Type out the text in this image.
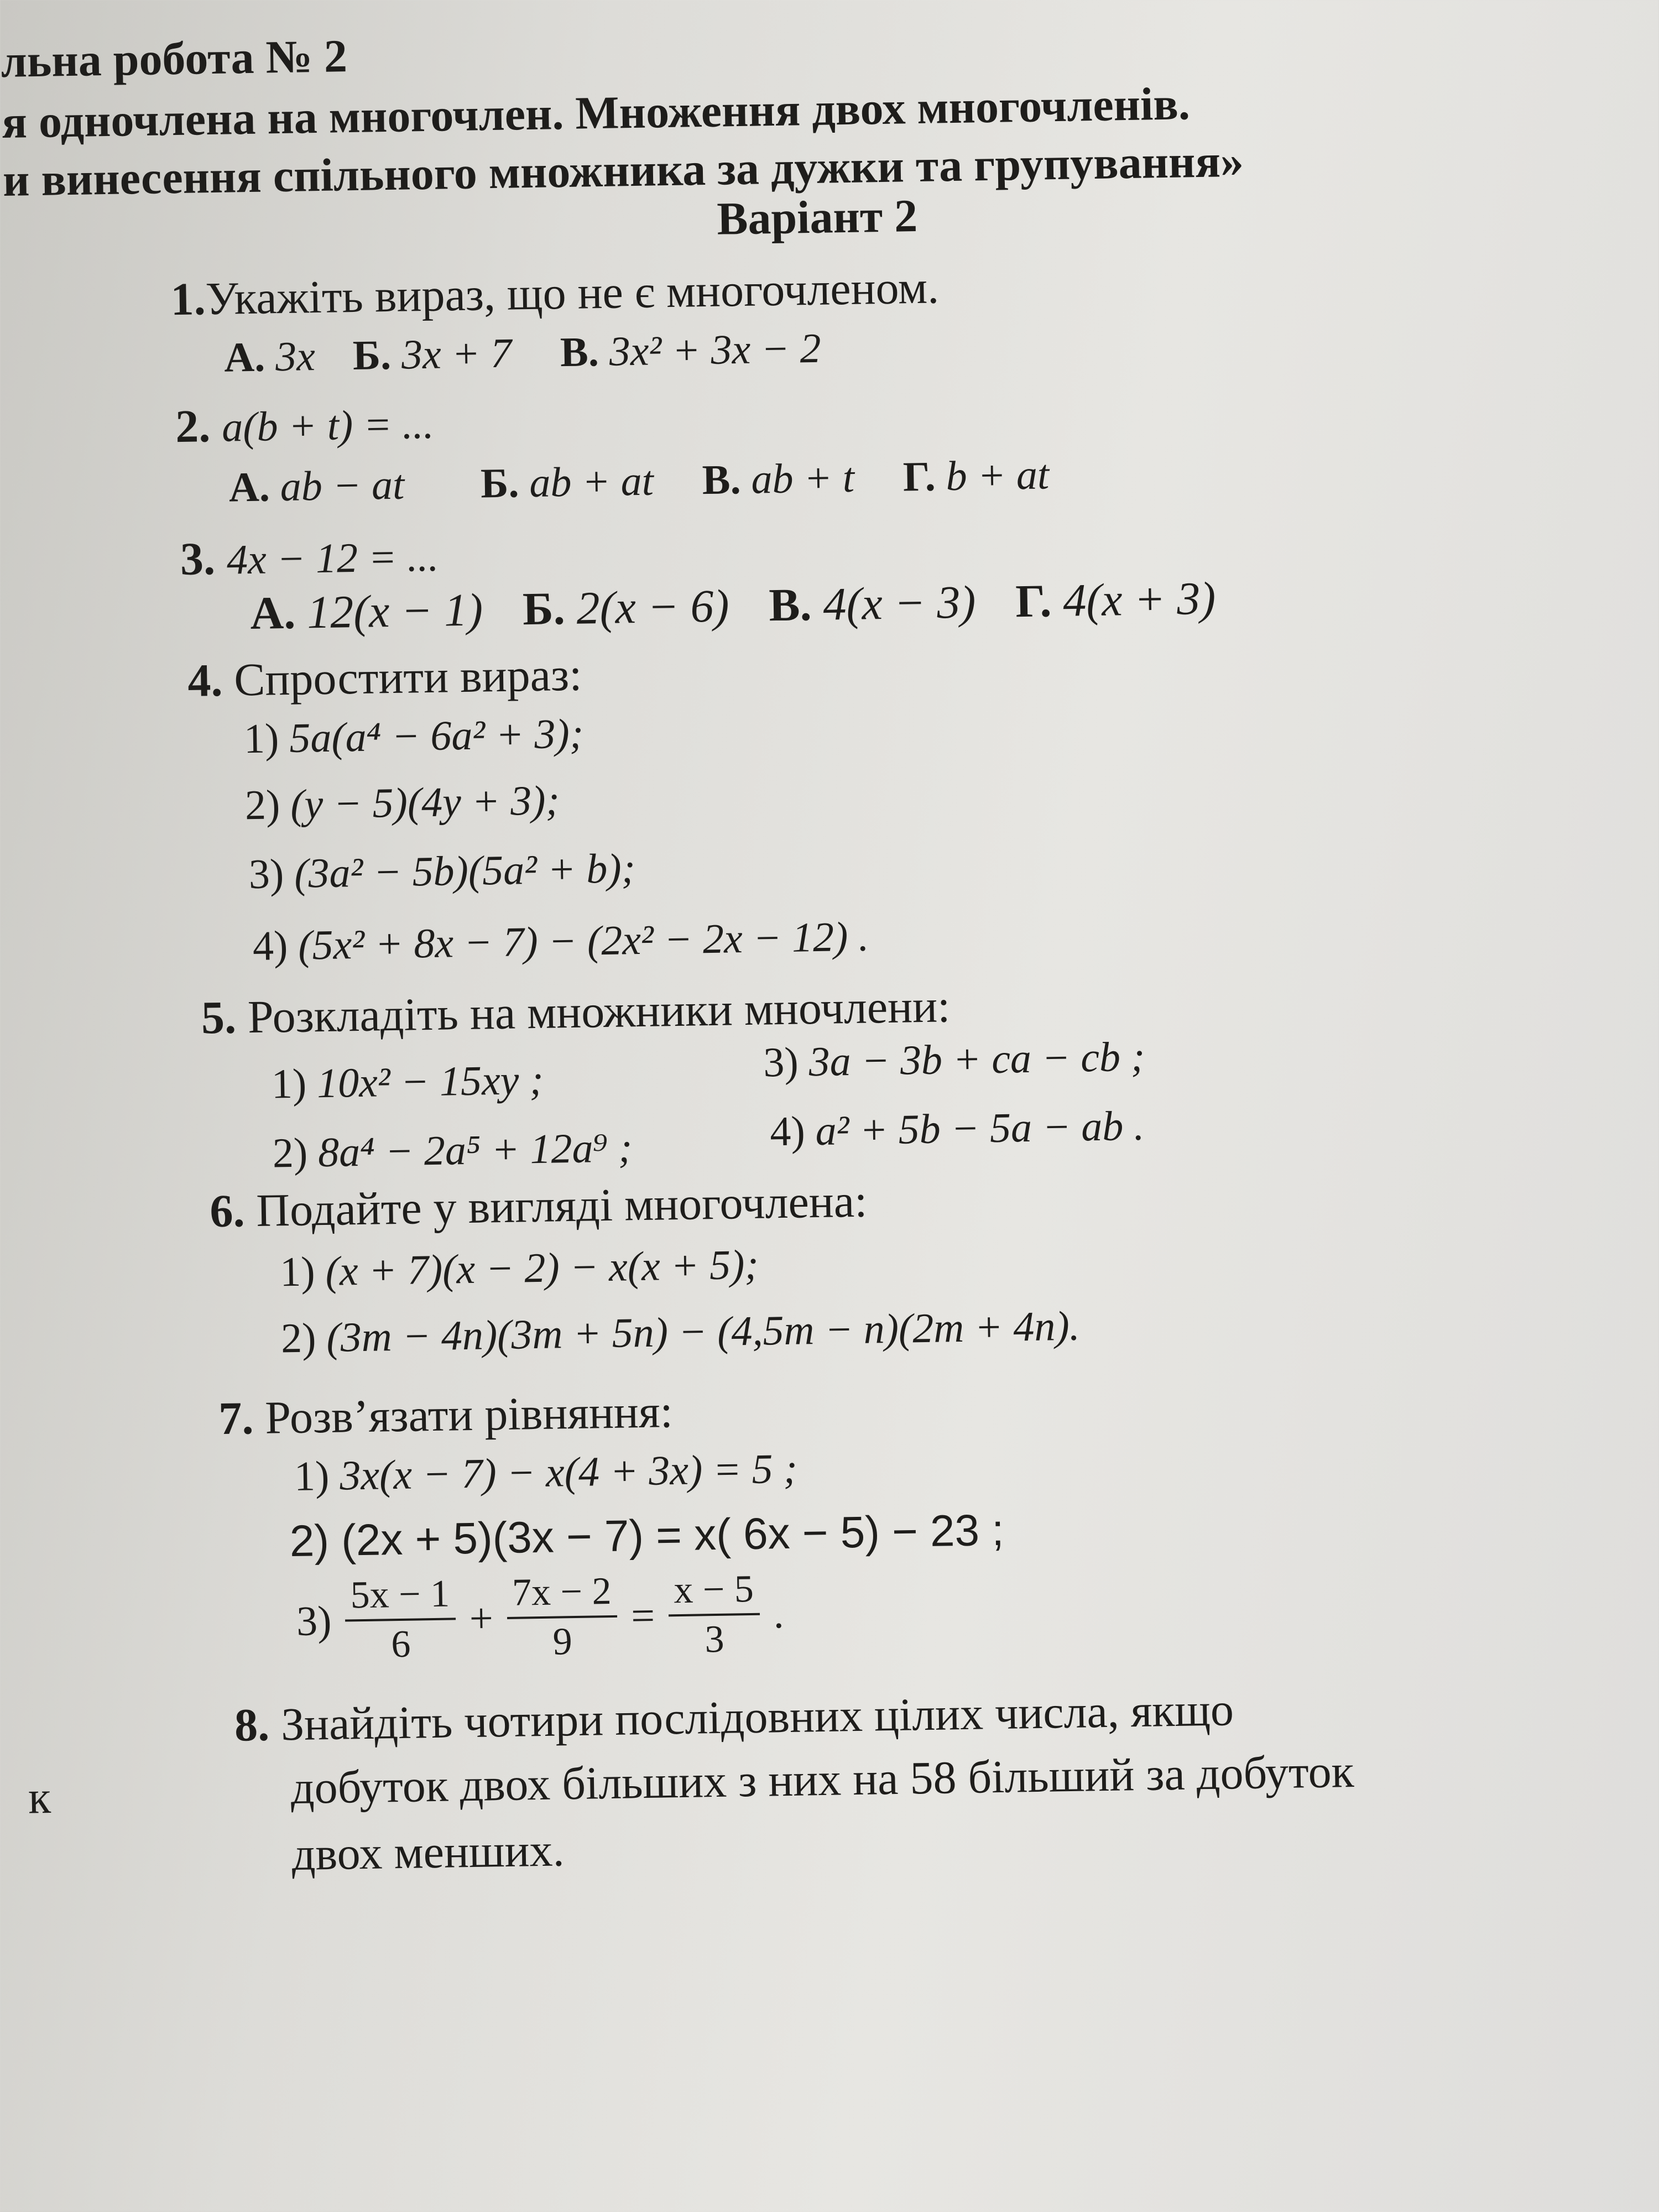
льна робота № 2
я одночлена на многочлен. Множення двох многочленів.
и винесення спільного множника за дужки та групування»
Варіант 2
1.Укажіть вираз, що не є многочленом.
А. 3x Б. 3x + 7 В. 3x² + 3x − 2
2. a(b + t) = ...
А. ab − at Б. ab + at В. ab + t Г. b + at
3. 4x − 12 = ...
А. 12(x − 1) Б. 2(x − 6) В. 4(x − 3) Г. 4(x + 3)
4. Спростити вираз:
1) 5a(a⁴ − 6a² + 3);
2) (y − 5)(4y + 3);
3) (3a² − 5b)(5a² + b);
4) (5x² + 8x − 7) − (2x² − 2x − 12) .
5. Розкладіть на множники мночлени:
1) 10x² − 15xy ;	3) 3a − 3b + ca − cb ;
2) 8a⁴ − 2a⁵ + 12a⁹ ;	4) a² + 5b − 5a − ab .
6. Подайте у вигляді многочлена:
1) (x + 7)(x − 2) − x(x + 5);
2) (3m − 4n)(3m + 5n) − (4,5m − n)(2m + 4n).
7. Розв’язати рівняння:
1) 3x(x − 7) − x(4 + 3x) = 5 ;
2) (2x + 5)(3x − 7) = x( 6x − 5) − 23 ;
$3) \frac{5x - 1}{6} + \frac{7x - 2}{9} = \frac{x - 5}{3}$ .
8. Знайдіть чотири послідовних цілих числа, якщо
добуток двох більших з них на 58 більший за добуток
двох менших.
к
